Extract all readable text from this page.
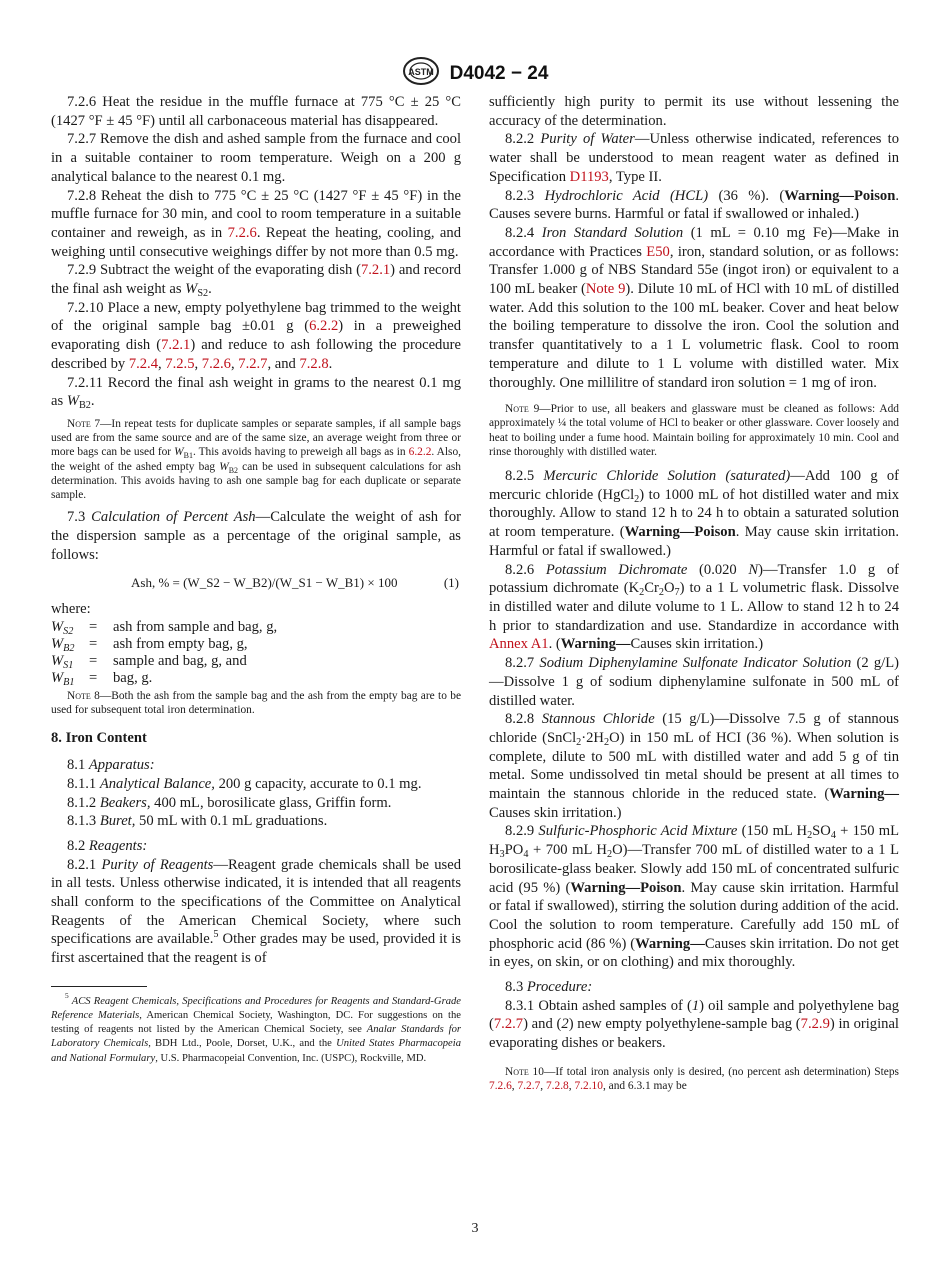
ASTM D4042 − 24

7.2.6 Heat the residue in the muffle furnace at 775 °C ± 25 °C (1427 °F ± 45 °F) until all carbonaceous material has disappeared.

7.2.7 Remove the dish and ashed sample from the furnace and cool in a suitable container to room temperature. Weigh on a 200 g analytical balance to the nearest 0.1 mg.

7.2.8 Reheat the dish to 775 °C ± 25 °C (1427 °F ± 45 °F) in the muffle furnace for 30 min, and cool to room temperature in a suitable container and reweigh, as in 7.2.6. Repeat the heating, cooling, and weighing until consecutive weighings differ by not more than 0.5 mg.

7.2.9 Subtract the weight of the evaporating dish (7.2.1) and record the final ash weight as $W_{S2}$.

7.2.10 Place a new, empty polyethylene bag trimmed to the weight of the original sample bag ±0.01 g (6.2.2) in a preweighed evaporating dish (7.2.1) and reduce to ash following the procedure described by 7.2.4, 7.2.5, 7.2.6, 7.2.7, and 7.2.8.

7.2.11 Record the final ash weight in grams to the nearest 0.1 mg as $W_{B2}$.

Note 7—In repeat tests for duplicate samples or separate samples, if all sample bags used are from the same source and are of the same size, an average weight from three or more bags can be used for $W_{B1}$. This avoids having to preweigh all bags as in 6.2.2. Also, the weight of the ashed empty bag $W_{B2}$ can be used in subsequent calculations for ash determination. This avoids having to ash one sample bag for each duplicate or separate sample.

7.3 Calculation of Percent Ash—Calculate the weight of ash for the dispersion sample as a percentage of the original sample, as follows:

Ash, % = (W_S2 − W_B2)/(W_S1 − W_B1) × 100	(1)

where:

$W_{S2}$	=	ash from sample and bag, g,
$W_{B2}$	=	ash from empty bag, g,
$W_{S1}$	=	sample and bag, g, and
$W_{B1}$	=	bag, g.

Note 8—Both the ash from the sample bag and the ash from the empty bag are to be used for subsequent total iron determination.

8. Iron Content

8.1 Apparatus:

8.1.1 Analytical Balance, 200 g capacity, accurate to 0.1 mg.

8.1.2 Beakers, 400 mL, borosilicate glass, Griffin form.

8.1.3 Buret, 50 mL with 0.1 mL graduations.

8.2 Reagents:

8.2.1 Purity of Reagents—Reagent grade chemicals shall be used in all tests. Unless otherwise indicated, it is intended that all reagents shall conform to the specifications of the Committee on Analytical Reagents of the American Chemical Society, where such specifications are available.$^5$ Other grades may be used, provided it is first ascertained that the reagent is of

$^5$ ACS Reagent Chemicals, Specifications and Procedures for Reagents and Standard-Grade Reference Materials, American Chemical Society, Washington, DC. For suggestions on the testing of reagents not listed by the American Chemical Society, see Analar Standards for Laboratory Chemicals, BDH Ltd., Poole, Dorset, U.K., and the United States Pharmacopeia and National Formulary, U.S. Pharmacopeial Convention, Inc. (USPC), Rockville, MD.

sufficiently high purity to permit its use without lessening the accuracy of the determination.

8.2.2 Purity of Water—Unless otherwise indicated, references to water shall be understood to mean reagent water as defined in Specification D1193, Type II.

8.2.3 Hydrochloric Acid (HCL) (36 %). (Warning—Poison. Causes severe burns. Harmful or fatal if swallowed or inhaled.)

8.2.4 Iron Standard Solution (1 mL = 0.10 mg Fe)—Make in accordance with Practices E50, iron, standard solution, or as follows: Transfer 1.000 g of NBS Standard 55e (ingot iron) or equivalent to a 100 mL beaker (Note 9). Dilute 10 mL of HCl with 10 mL of distilled water. Add this solution to the 100 mL beaker. Cover and heat below the boiling temperature to dissolve the iron. Cool the solution and transfer quantitatively to a 1 L volumetric flask. Cool to room temperature and dilute to 1 L volume with distilled water. Mix thoroughly. One millilitre of standard iron solution = 1 mg of iron.

Note 9—Prior to use, all beakers and glassware must be cleaned as follows: Add approximately ¼ the total volume of HCl to beaker or other glassware. Cover loosely and heat to boiling under a fume hood. Maintain boiling for approximately 10 min. Cool and rinse thoroughly with distilled water.

8.2.5 Mercuric Chloride Solution (saturated)—Add 100 g of mercuric chloride (HgCl$_2$) to 1000 mL of hot distilled water and mix thoroughly. Allow to stand 12 h to 24 h to obtain a saturated solution at room temperature. (Warning—Poison. May cause skin irritation. Harmful or fatal if swallowed.)

8.2.6 Potassium Dichromate (0.020 N)—Transfer 1.0 g of potassium dichromate $(K_2Cr_2O_7)$ to a 1 L volumetric flask. Dissolve in distilled water and dilute volume to 1 L. Allow to stand 12 h to 24 h prior to standardization and use. Standardize in accordance with Annex A1. (Warning—Causes skin irritation.)

8.2.7 Sodium Diphenylamine Sulfonate Indicator Solution (2 g/L)—Dissolve 1 g of sodium diphenylamine sulfonate in 500 mL of distilled water.

8.2.8 Stannous Chloride (15 g/L)—Dissolve 7.5 g of stannous chloride $(SnCl_2\cdot 2H_2O)$ in 150 mL of HCI (36 %). When solution is complete, dilute to 500 mL with distilled water and add 5 g of tin metal. Some undissolved tin metal should be present at all times to maintain the stannous chloride in the reduced state. (Warning—Causes skin irritation.)

8.2.9 Sulfuric-Phosphoric Acid Mixture (150 mL $H_2SO_4 + 150$ mL $H_3PO_4 + 700$ mL $H_2O)—Transfer$ 700 mL of distilled water to a 1 L borosilicate-glass beaker. Slowly add 150 mL of concentrated sulfuric acid (95 %) (Warning—Poison. May cause skin irritation. Harmful or fatal if swallowed), stirring the solution during addition of the acid. Cool the solution to room temperature. Carefully add 150 mL of phosphoric acid (86 %) (Warning—Causes skin irritation. Do not get in eyes, on skin, or on clothing) and mix thoroughly.

8.3 Procedure:

8.3.1 Obtain ashed samples of (1) oil sample and polyethylene bag (7.2.7) and (2) new empty polyethylene-sample bag (7.2.9) in original evaporating dishes or beakers.

Note 10—If total iron analysis only is desired, (no percent ash determination) Steps 7.2.6, 7.2.7, 7.2.8, 7.2.10, and 6.3.1 may be

3
